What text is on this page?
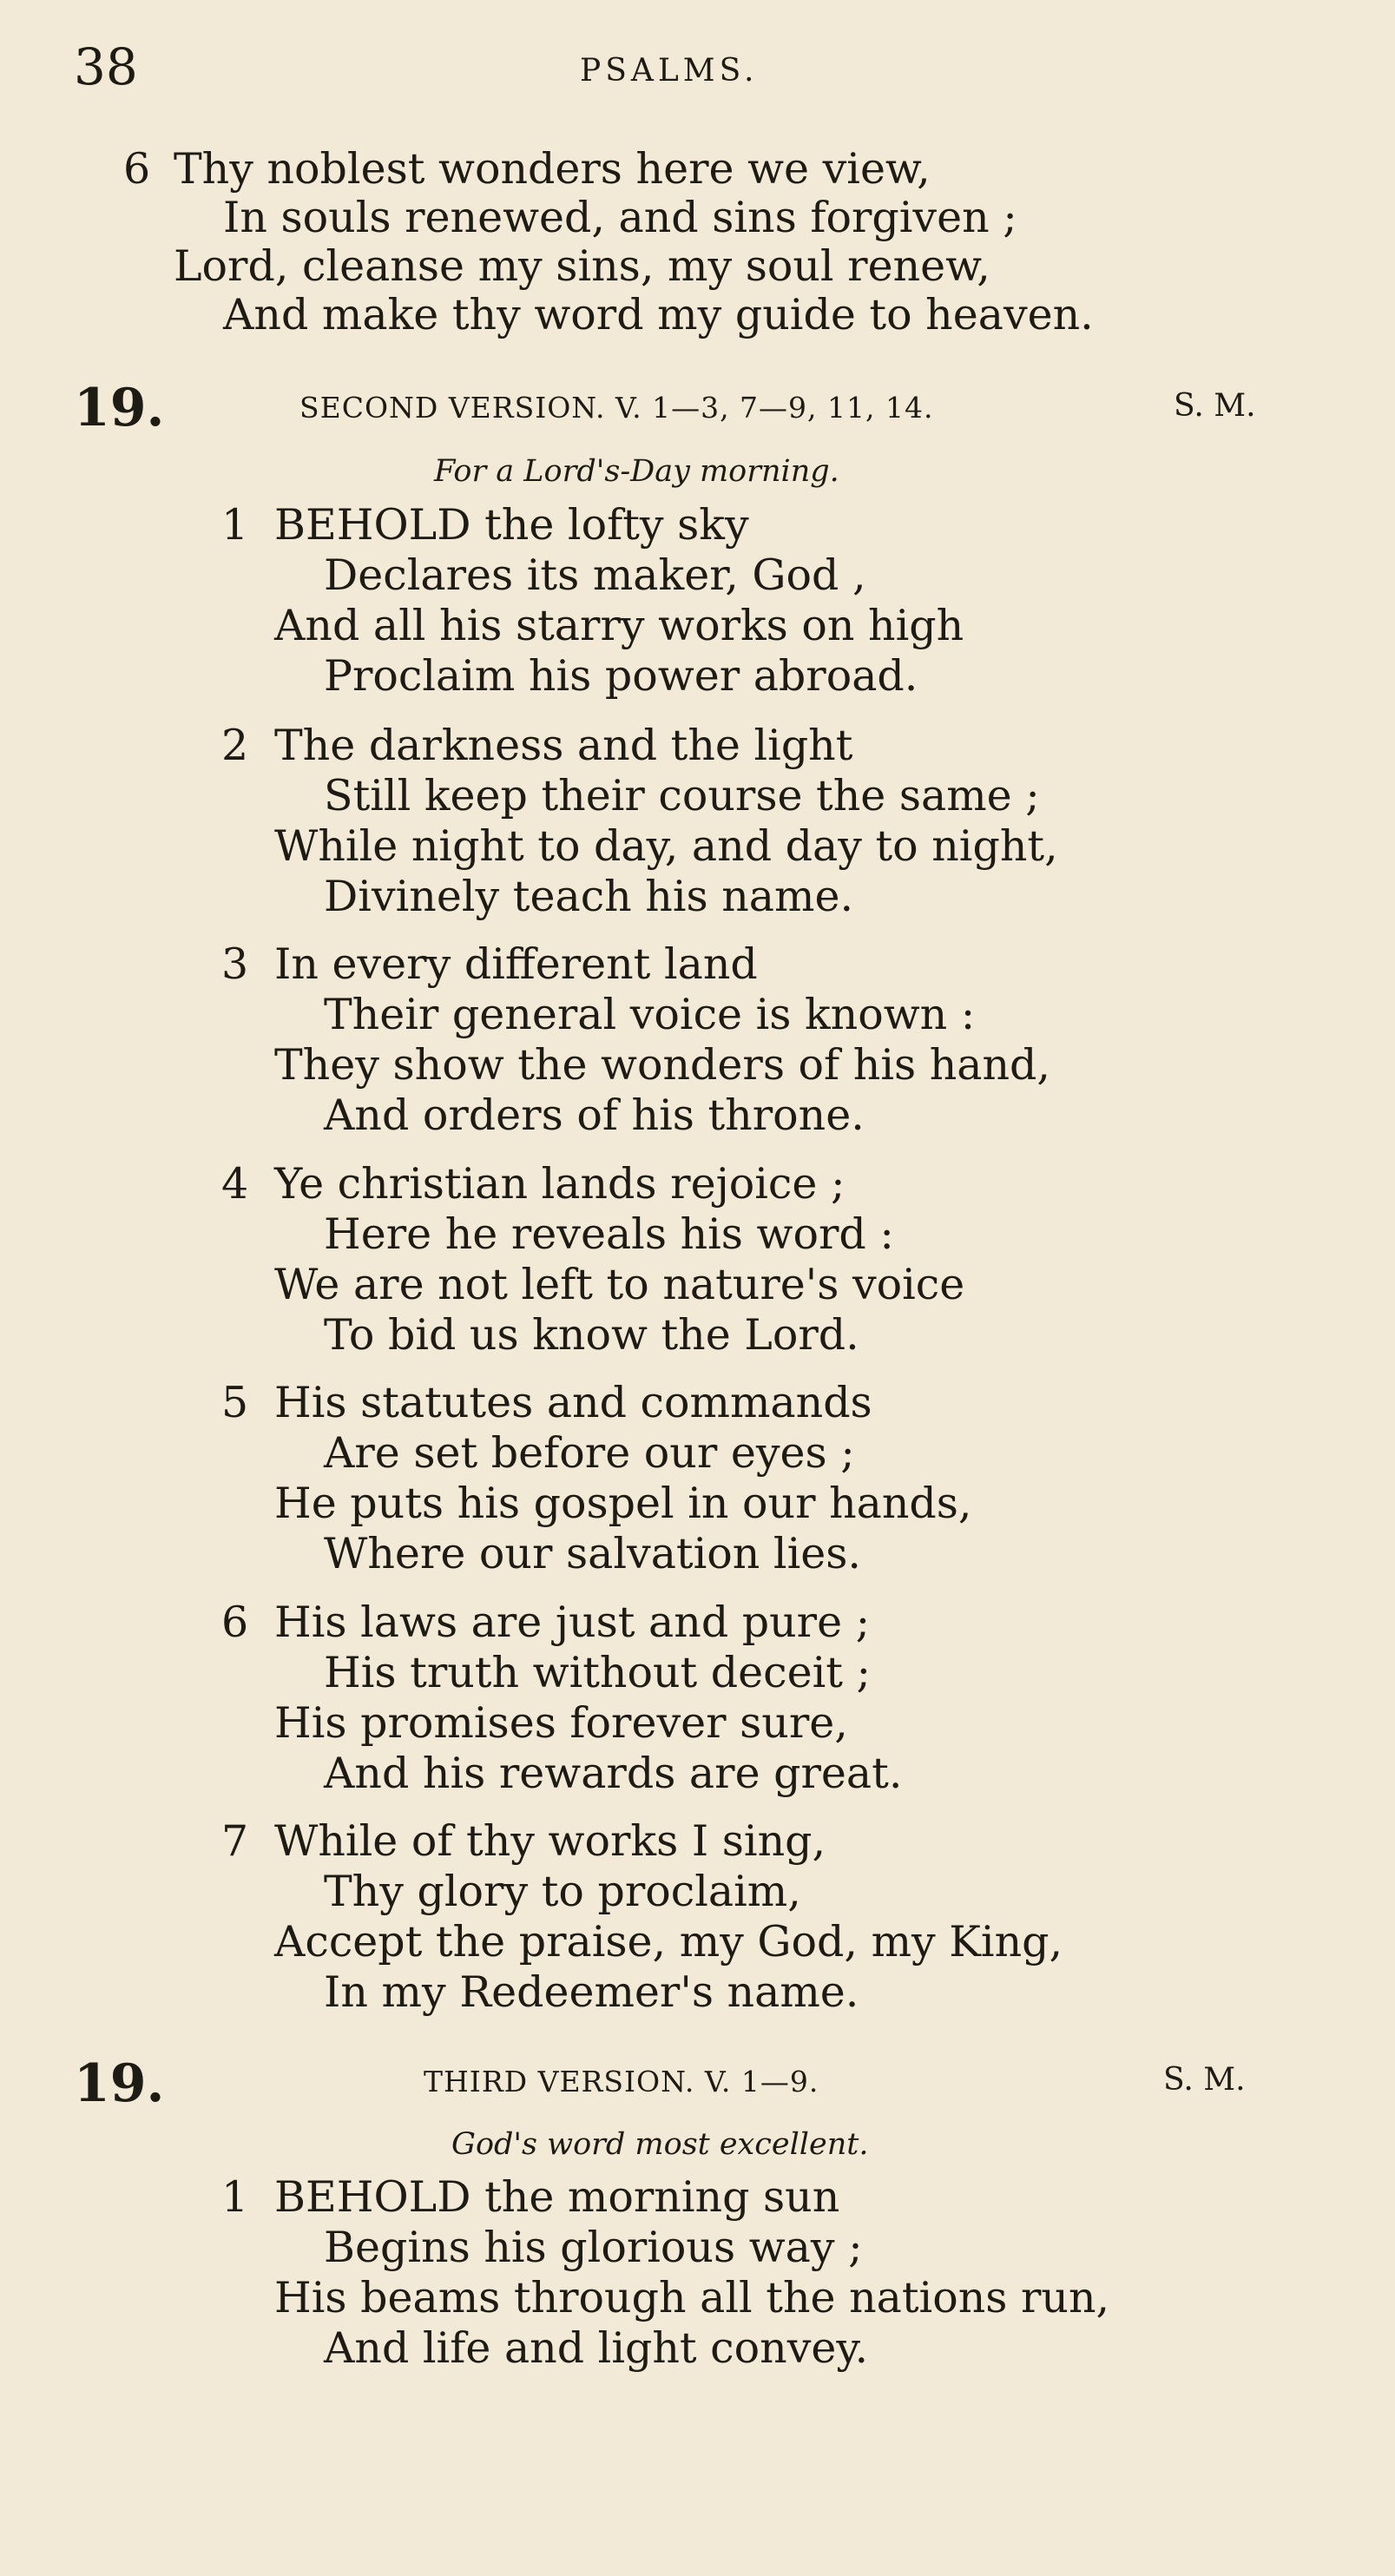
38	PSALMS.
6 Thy noblest wonders here we view,
In souls renewed, and sins forgiven ;
Lord, cleanse my sins, my soul renew,
And make thy word my guide to heaven.
19.	SECOND VERSION. V. 1—3, 7—9, 11, 14.	S. M.
For a Lord's-Day morning.
1 BEHOLD the lofty sky
Declares its maker, God ,
And all his starry works on high
Proclaim his power abroad.
2 The darkness and the light
Still keep their course the same ;
While night to day, and day to night,
Divinely teach his name.
3 In every different land
Their general voice is known :
They show the wonders of his hand,
And orders of his throne.
4 Ye christian lands rejoice ;
Here he reveals his word :
We are not left to nature's voice
To bid us know the Lord.
5 His statutes and commands
Are set before our eyes ;
He puts his gospel in our hands,
Where our salvation lies.
6 His laws are just and pure ;
His truth without deceit ;
His promises forever sure,
And his rewards are great.
7 While of thy works I sing,
Thy glory to proclaim,
Accept the praise, my God, my King,
In my Redeemer's name.
19.	THIRD VERSION. V. 1—9.	S. M.
God's word most excellent.
1 BEHOLD the morning sun
Begins his glorious way ;
His beams through all the nations run,
And life and light convey.
